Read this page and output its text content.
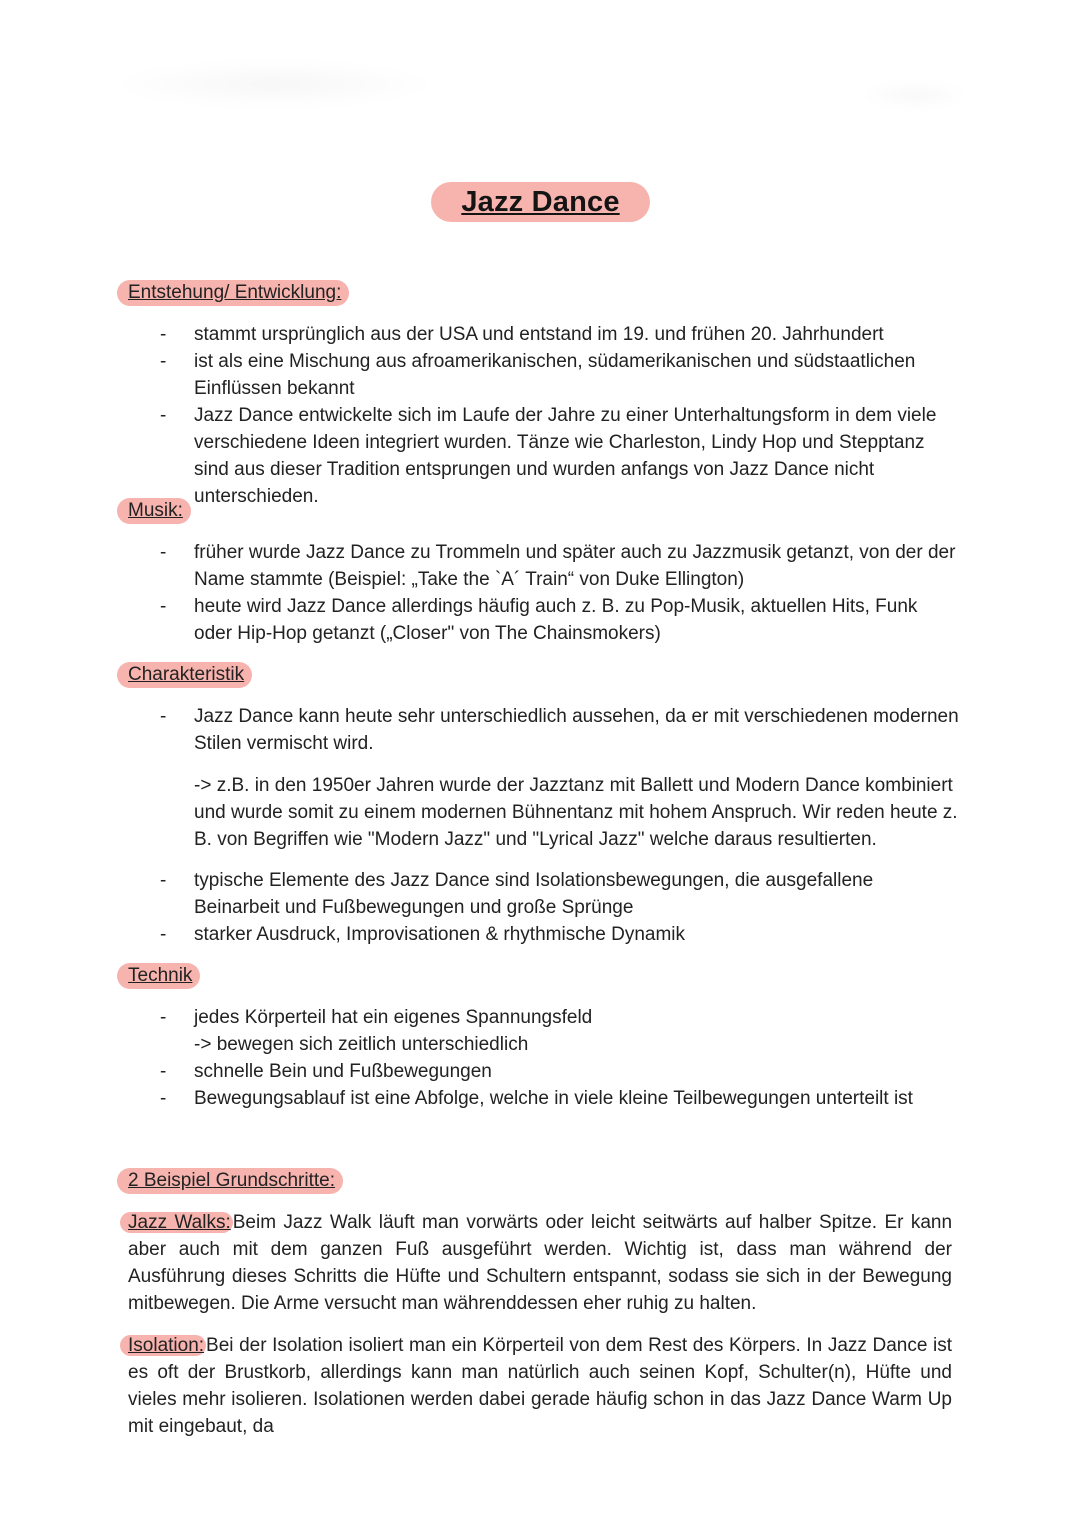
Jazz Dance
Entstehung/ Entwicklung:
- stammt ursprünglich aus der USA und entstand im 19. und frühen 20. Jahrhundert
- ist als eine Mischung aus afroamerikanischen, südamerikanischen und südstaatlichen Einflüssen bekannt
- Jazz Dance entwickelte sich im Laufe der Jahre zu einer Unterhaltungsform in dem viele verschiedene Ideen integriert wurden. Tänze wie Charleston, Lindy Hop und Stepptanz sind aus dieser Tradition entsprungen und wurden anfangs von Jazz Dance nicht unterschieden.
Musik:
- früher wurde Jazz Dance zu Trommeln und später auch zu Jazzmusik getanzt, von der der Name stammte (Beispiel: „Take the `A´ Train“ von Duke Ellington)
- heute wird Jazz Dance allerdings häufig auch z. B. zu Pop-Musik, aktuellen Hits, Funk oder Hip-Hop getanzt („Closer" von The Chainsmokers)
Charakteristik
- Jazz Dance kann heute sehr unterschiedlich aussehen, da er mit verschiedenen modernen Stilen vermischt wird.
-> z.B. in den 1950er Jahren wurde der Jazztanz mit Ballett und Modern Dance kombiniert und wurde somit zu einem modernen Bühnentanz mit hohem Anspruch. Wir reden heute z. B. von Begriffen wie "Modern Jazz" und "Lyrical Jazz" welche daraus resultierten.
- typische Elemente des Jazz Dance sind Isolationsbewegungen, die ausgefallene Beinarbeit und Fußbewegungen und große Sprünge
- starker Ausdruck, Improvisationen & rhythmische Dynamik
Technik
- jedes Körperteil hat ein eigenes Spannungsfeld
-> bewegen sich zeitlich unterschiedlich
- schnelle Bein und Fußbewegungen
- Bewegungsablauf ist eine Abfolge, welche in viele kleine Teilbewegungen unterteilt ist
2 Beispiel Grundschritte:
Jazz Walks: Beim Jazz Walk läuft man vorwärts oder leicht seitwärts auf halber Spitze. Er kann aber auch mit dem ganzen Fuß ausgeführt werden. Wichtig ist, dass man während der Ausführung dieses Schritts die Hüfte und Schultern entspannt, sodass sie sich in der Bewegung mitbewegen. Die Arme versucht man währenddessen eher ruhig zu halten.
Isolation: Bei der Isolation isoliert man ein Körperteil von dem Rest des Körpers. In Jazz Dance ist es oft der Brustkorb, allerdings kann man natürlich auch seinen Kopf, Schulter(n), Hüfte und vieles mehr isolieren. Isolationen werden dabei gerade häufig schon in das Jazz Dance Warm Up mit eingebaut, da
